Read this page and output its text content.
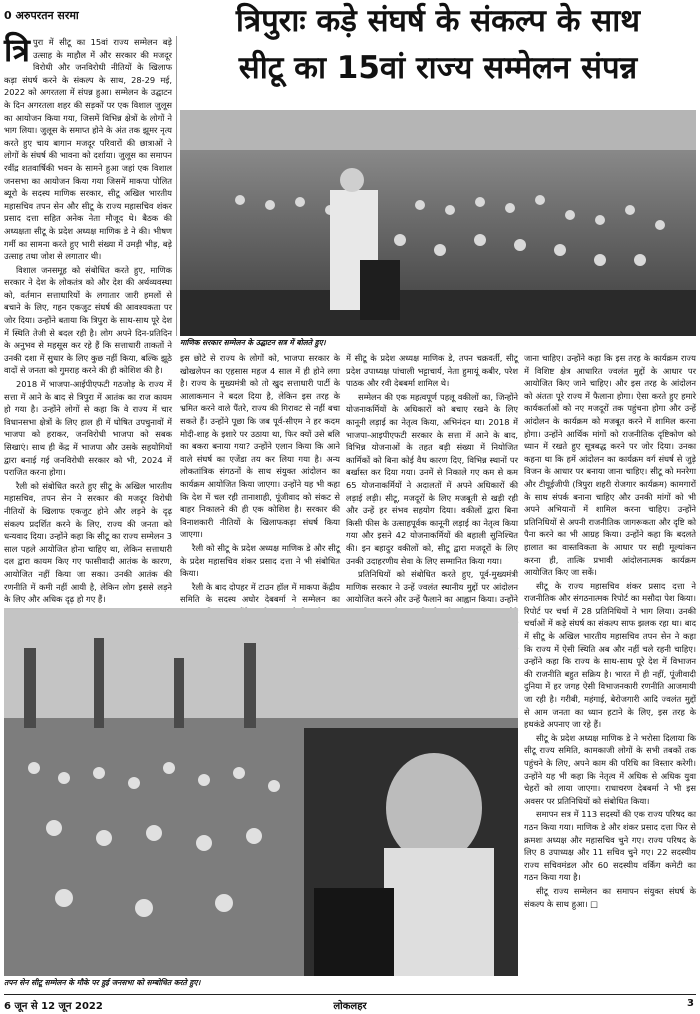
0 अरुपरतन सरमा	त्रिपुराः कड़े संघर्ष के संकल्प के साथ
सीटू का 15वां राज्य सम्मेलन संपन्न

त्रि पुरा में सीटू का 15वां राज्य सम्मेलन बड़े उत्साह के माहौल में और सरकार की मजदूर विरोधी और जनविरोधी नीतियों के खिलाफ कड़ा संघर्ष करने के संकल्प के साथ, 28-29 मई, 2022 को अगरतला में संपन्न हुआ। सम्मेलन के उद्घाटन के दिन अगरतला शहर की सड़कों पर एक विशाल जुलूस का आयोजन किया गया, जिसमें विभिन्न क्षेत्रों के लोगों ने भाग लिया। जुलूस के समाप्त होने के अंत तक झूमर नृत्य करते हुए चाय बागान मजदूर परिवारों की छात्राओं ने लोगों के संघर्ष की भावना को दर्शाया। जुलूस का समापन रवींद्र शतवार्षिकी भवन के सामने हुआ जहां एक विशाल जनसभा का आयोजन किया गया जिसमें माकपा पोलित ब्यूरो के सदस्य माणिक सरकार, सीटू अखिल भारतीय महासचिव तपन सेन और सीटू के राज्य महासचिव शंकर प्रसाद दत्ता सहित अनेक नेता मौजूद थे। बैठक की अध्यक्षता सीटू के प्रदेश अध्यक्ष माणिक डे ने की। भीषण गर्मी का सामना करते हुए भारी संख्या में उमड़ी भीड़, बड़े उत्साह तथा जोश से लगातार थी।

विशाल जनसमूह को संबोधित करते हुए, माणिक सरकार ने देश के लोकतंत्र को और देश की अर्थव्यवस्था को, वर्तमान सत्ताधारियों के लगातार जारी हमलों से बचाने के लिए, गहन एकजुट संघर्ष की आवश्यकता पर जोर दिया। उन्होंने बताया कि त्रिपुरा के साथ-साथ पूरे देश में स्थिति तेजी से बदल रही है। लोग अपने दिन-प्रतिदिन के अनुभव से महसूस कर रहे हैं कि सत्ताधारी ताकतों ने उनकी दशा में सुधार के लिए कुछ नहीं किया, बल्कि झूठे वादों से जनता को गुमराह करने की ही कोशिश की है।

2018 में भाजपा-आईपीएफटी गठजोड़ के राज्य में सत्ता में आने के बाद से त्रिपुरा में आतंक का राज कायम हो गया है। उन्होंने लोगों से कहा कि वे राज्य में चार विधानसभा क्षेत्रों के लिए हाल ही में घोषित उपचुनावों में भाजपा को हराकर, जनविरोधी भाजपा को सबक सिखाएं। साथ ही केंद्र में भाजपा और उसके सहयोगियों द्वारा बनाई गई जनविरोधी सरकार को भी, 2024 में पराजित करना होगा।

रैली को संबोधित करते हुए सीटू के अखिल भारतीय महासचिव, तपन सेन ने सरकार की मजदूर विरोधी नीतियों के खिलाफ एकजुट होने और लड़ने के दृढ़ संकल्प प्रदर्शित करने के लिए, राज्य की जनता को धन्यवाद दिया। उन्होंने कहा कि सीटू का राज्य सम्मेलन 3 साल पहले आयोजित होना चाहिए था, लेकिन सत्ताधारी दल द्वारा कायम किए गए फासीवादी आतंक के कारण, आयोजित नहीं किया जा सका। उनकी आतंक की रणनीति में कमी नहीं आयी है, लेकिन लोग इससे लड़ने के लिए और अधिक दृढ़ हो गए हैं।

माणिक सरकार सम्मेलन के उद्घाटन सत्र में बोलते हुए।

इस छोटे से राज्य के लोगों को, भाजपा सरकार के खोखलेपन का एहसास महज 4 साल में ही होने लगा है। राज्य के मुख्यमंत्री को तो खुद सत्ताधारी पार्टी के आलाकमान ने बदल दिया है, लेकिन इस तरह के भ्रमित करने वाले पैंतरे, राज्य की गिरावट से नहीं बचा सकते हैं। उन्होंने पूछा कि जब पूर्व-सीएम ने हर कदम मोदी-शाह के इशारे पर उठाया था, फिर क्यों उसे बलि का बकरा बनाया गया? उन्होंने एलान किया कि आने वाले संघर्ष का एजेंडा तय कर लिया गया है। अन्य लोकतांत्रिक संगठनों के साथ संयुक्त आंदोलन का कार्यक्रम आयोजित किया जाएगा। उन्होंने यह भी कहा कि देश में चल रही तानाशाही, पूंजीवाद को संकट से बाहर निकालने की ही एक कोशिश है। सरकार की विनाशकारी नीतियों के खिलाफकड़ा संघर्ष किया जाएगा।

रैली को सीटू के प्रदेश अध्यक्ष माणिक डे और सीटू के प्रदेश महासचिव शंकर प्रसाद दत्ता ने भी संबोधित किया।

रैली के बाद दोपहर में टाउन हॉल में माकपा केंद्रीय समिति के सदस्य अघोर देबबर्मा ने सम्मेलन का

में सीटू के प्रदेश अध्यक्ष माणिक डे, तपन चक्रवर्ती, सीटू प्रदेश उपाध्यक्ष पांचाली भट्टाचार्य, नेता हुमायूं कबीर, परेश पाठक और रवी देबबर्मा शामिल थे।

सम्मेलन की एक महत्वपूर्ण पहलू वकीलों का, जिन्होंने योजनाकर्मियों के अधिकारों को बचाए रखने के लिए कानूनी लड़ाई का नेतृत्व किया, अभिनंदन था। 2018 में भाजपा-आइपीएफटी सरकार के सत्ता में आने के बाद, विभिन्न योजनाओं के तहत बड़ी संख्या में नियोजित कार्मिकों को बिना कोई वैध कारण दिए, विभिन्न स्थानों पर बर्खास्त कर दिया गया। उनमें से निकाले गए कम से कम 65 योजनाकर्मियों ने अदालतों में अपने अधिकारों की लड़ाई लड़ी। सीटू, मजदूरों के लिए मजबूती से खड़ी रही और उन्हें हर संभव सहयोग दिया। वकीलों द्वारा बिना किसी फीस के उत्साहपूर्वक कानूनी लड़ाई का नेतृत्व किया गया और इसने 42 योजनाकर्मियों की बहाली सुनिश्चित की। इन बहादुर वकीलों को, सीटू द्वारा मजदूरों के लिए उनकी उदाहरणीय सेवा के लिए सम्मानित किया गया।

प्रतिनिधियों को संबोधित करते हुए, पूर्व-मुख्यमंत्री माणिक सरकार ने उन्हें ज्वलंत स्थानीय मुद्दों पर आंदोलन आयोजित करने और उन्हें फैलाने का आह्वान किया। उन्होंने

जाना चाहिए। उन्होंने कहा कि इस तरह के कार्यक्रम राज्य में विशिष्ट क्षेत्र आधारित ज्वलंत मुद्दों के आधार पर आयोजित किए जाने चाहिए। और इस तरह के आंदोलन को अंततः पूरे राज्य में फैलाना होगा। ऐसा करते हुए हमारे कार्यकर्ताओं को नए मजदूरों तक पहुंचना होगा और उन्हें आंदोलन के कार्यक्रम को मजबूत करने में शामिल करना होगा। उन्होंने आर्थिक मांगों को राजनीतिक दृष्टिकोण को ध्यान में रखते हुए सूत्रबद्ध करने पर जोर दिया। उनका कहना था कि हमें आंदोलन का कार्यक्रम वर्ग संघर्ष से जुड़े विजन के आधार पर बनाया जाना चाहिए। सीटू को मनरेगा और टीयूईजीपी (त्रिपुरा शहरी रोजगार कार्यक्रम) कामगारों के साथ संपर्क बनाना चाहिए और उनकी मांगों को भी अपने अभियानों में शामिल करना चाहिए। उन्होंने प्रतिनिधियों से अपनी राजनीतिक जागरूकता और दृष्टि को पैना करने का भी आग्रह किया। उन्होंने कहा कि बदलते हालात का वास्तविकता के आधार पर सही मूल्यांकन करना ही, तात्कि प्रभावी आंदोलनात्मक कार्यक्रम आयोजित किए जा सकें।

सीटू के राज्य महासचिव शंकर प्रसाद दत्ता ने राजनीतिक और संगठनात्मक रिपोर्ट का मसौदा पेश किया। रिपोर्ट पर चर्चा में 28 प्रतिनिधियों ने भाग लिया। उनकी चर्चाओं में कड़े संघर्ष का संकल्प साफ झलक रहा था। बाद में सीटू के अखिल भारतीय महासचिव तपन सेन ने कहा कि राज्य में ऐसी स्थिति अब और नहीं चले रहनी चाहिए। उन्होंने कहा कि राज्य के साथ-साथ पूरे देश में विभाजन की राजनीति बहुत सक्रिय है। भारत में ही नहीं, पूंजीवादी दुनिया में हर जगह ऐसी विभाजनकारी रणनीति आजमायी जा रही है। गरीबी, महंगाई, बेरोजगारी आदि ज्वलंत मुद्दों से आम जनता का ध्यान हटाने के लिए, इस तरह के हथकंडे अपनाए जा रहे हैं।

सीटू के प्रदेश अध्यक्ष माणिक डे ने भरोसा दिलाया कि सीटू राज्य समिति, कामकाजी लोगों के सभी तबकों तक पहुंचने के लिए, अपने काम की परिधि का विस्तार करेगी। उन्होंने यह भी कहा कि नेतृत्व में अधिक से अधिक युवा चेहरों को लाया जाएगा। राधाचरण देबबर्मा ने भी इस अवसर पर प्रतिनिधियों को संबोधित किया।

समापन सत्र में 113 सदस्यों की एक राज्य परिषद का गठन किया गया। माणिक डे और शंकर प्रसाद दत्ता फिर से क्रमशः अध्यक्ष और महासचिव चुने गए। राज्य परिषद के लिए 8 उपाध्यक्ष और 11 सचिव चुने गए। 22 सदस्यीय राज्य सचिवमंडल और 60 सदस्यीय वर्किंग कमेटी का गठन किया गया है।

सीटू राज्य सम्मेलन का समापन संयुक्त संघर्ष के संकल्प के साथ हुआ। □

तपन सेन सीटू सम्मेलन के मौके पर हुई जनसभा को सम्बोधित करते हुए।
6 जून से 12 जून 2022	लोकलहर	3
